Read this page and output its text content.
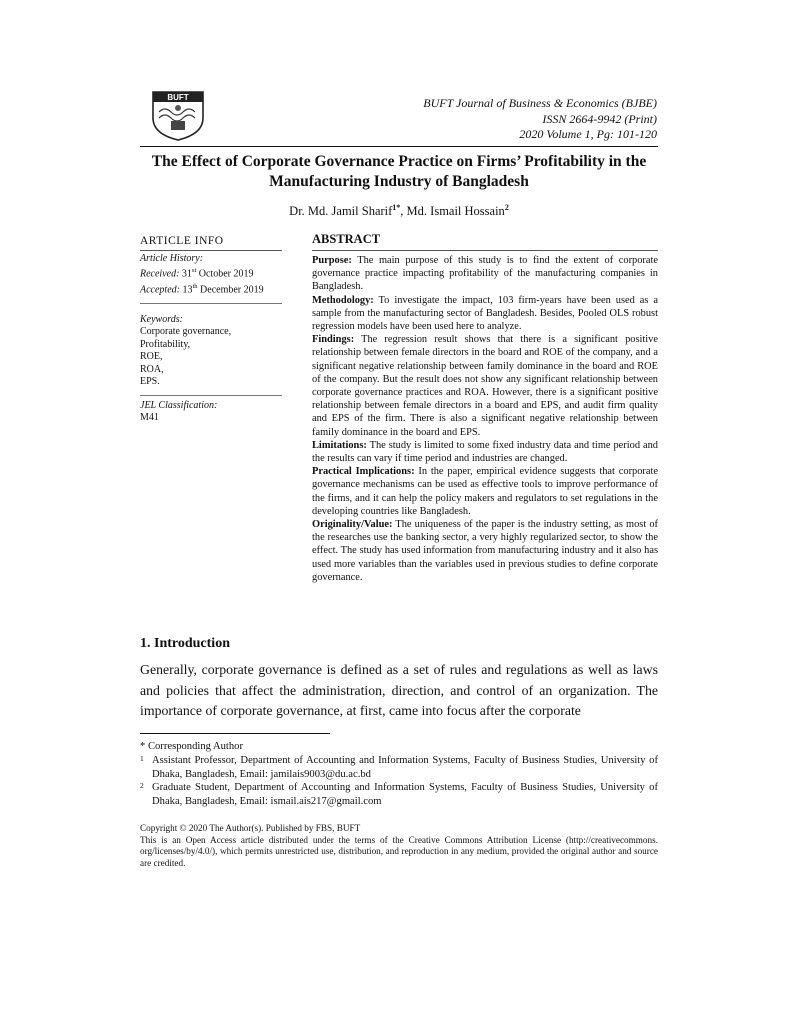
BUFT	BUFT Journal of Business & Economics (BJBE)
ISSN 2664-9942 (Print)
2020 Volume 1, Pg: 101-120
The Effect of Corporate Governance Practice on Firms’ Profitability in the Manufacturing Industry of Bangladesh
Dr. Md. Jamil Sharif$^{1*}$, Md. Ismail Hossain$^2$
ARTICLE INFO
Article History:
Received: 31st October 2019
Accepted: 13th December 2019
Keywords:
Corporate governance,
Profitability,
ROE,
ROA,
EPS.
JEL Classification:
M41
ABSTRACT

Purpose: The main purpose of this study is to find the extent of corporate governance practice impacting profitability of the manufacturing companies in Bangladesh.

Methodology: To investigate the impact, 103 firm-years have been used as a sample from the manufacturing sector of Bangladesh. Besides, Pooled OLS robust regression models have been used here to analyze.

Findings: The regression result shows that there is a significant positive relationship between female directors in the board and ROE of the company, and a significant negative relationship between family dominance in the board and ROE of the company. But the result does not show any significant relationship between corporate governance practices and ROA. However, there is a significant positive relationship between female directors in a board and EPS, and audit firm quality and EPS of the firm. There is also a significant negative relationship between family dominance in the board and EPS.

Limitations: The study is limited to some fixed industry data and time period and the results can vary if time period and industries are changed.

Practical Implications: In the paper, empirical evidence suggests that corporate governance mechanisms can be used as effective tools to improve performance of the firms, and it can help the policy makers and regulators to set regulations in the developing countries like Bangladesh.

Originality/Value: The uniqueness of the paper is the industry setting, as most of the researches use the banking sector, a very highly regularized sector, to show the effect. The study has used information from manufacturing industry and it also has used more variables than the variables used in previous studies to define corporate governance.

1. Introduction

Generally, corporate governance is defined as a set of rules and regulations as well as laws and policies that affect the administration, direction, and control of an organization. The importance of corporate governance, at first, came into focus after the corporate

* Corresponding Author
1 Assistant Professor, Department of Accounting and Information Systems, Faculty of Business Studies, University of Dhaka, Bangladesh, Email: jamilais9003@du.ac.bd
2 Graduate Student, Department of Accounting and Information Systems, Faculty of Business Studies, University of Dhaka, Bangladesh, Email: ismail.ais217@gmail.com
Copyright © 2020 The Author(s). Published by FBS, BUFT
This is an Open Access article distributed under the terms of the Creative Commons Attribution License (http://creativecommons. org/licenses/by/4.0/), which permits unrestricted use, distribution, and reproduction in any medium, provided the original author and source are credited.
